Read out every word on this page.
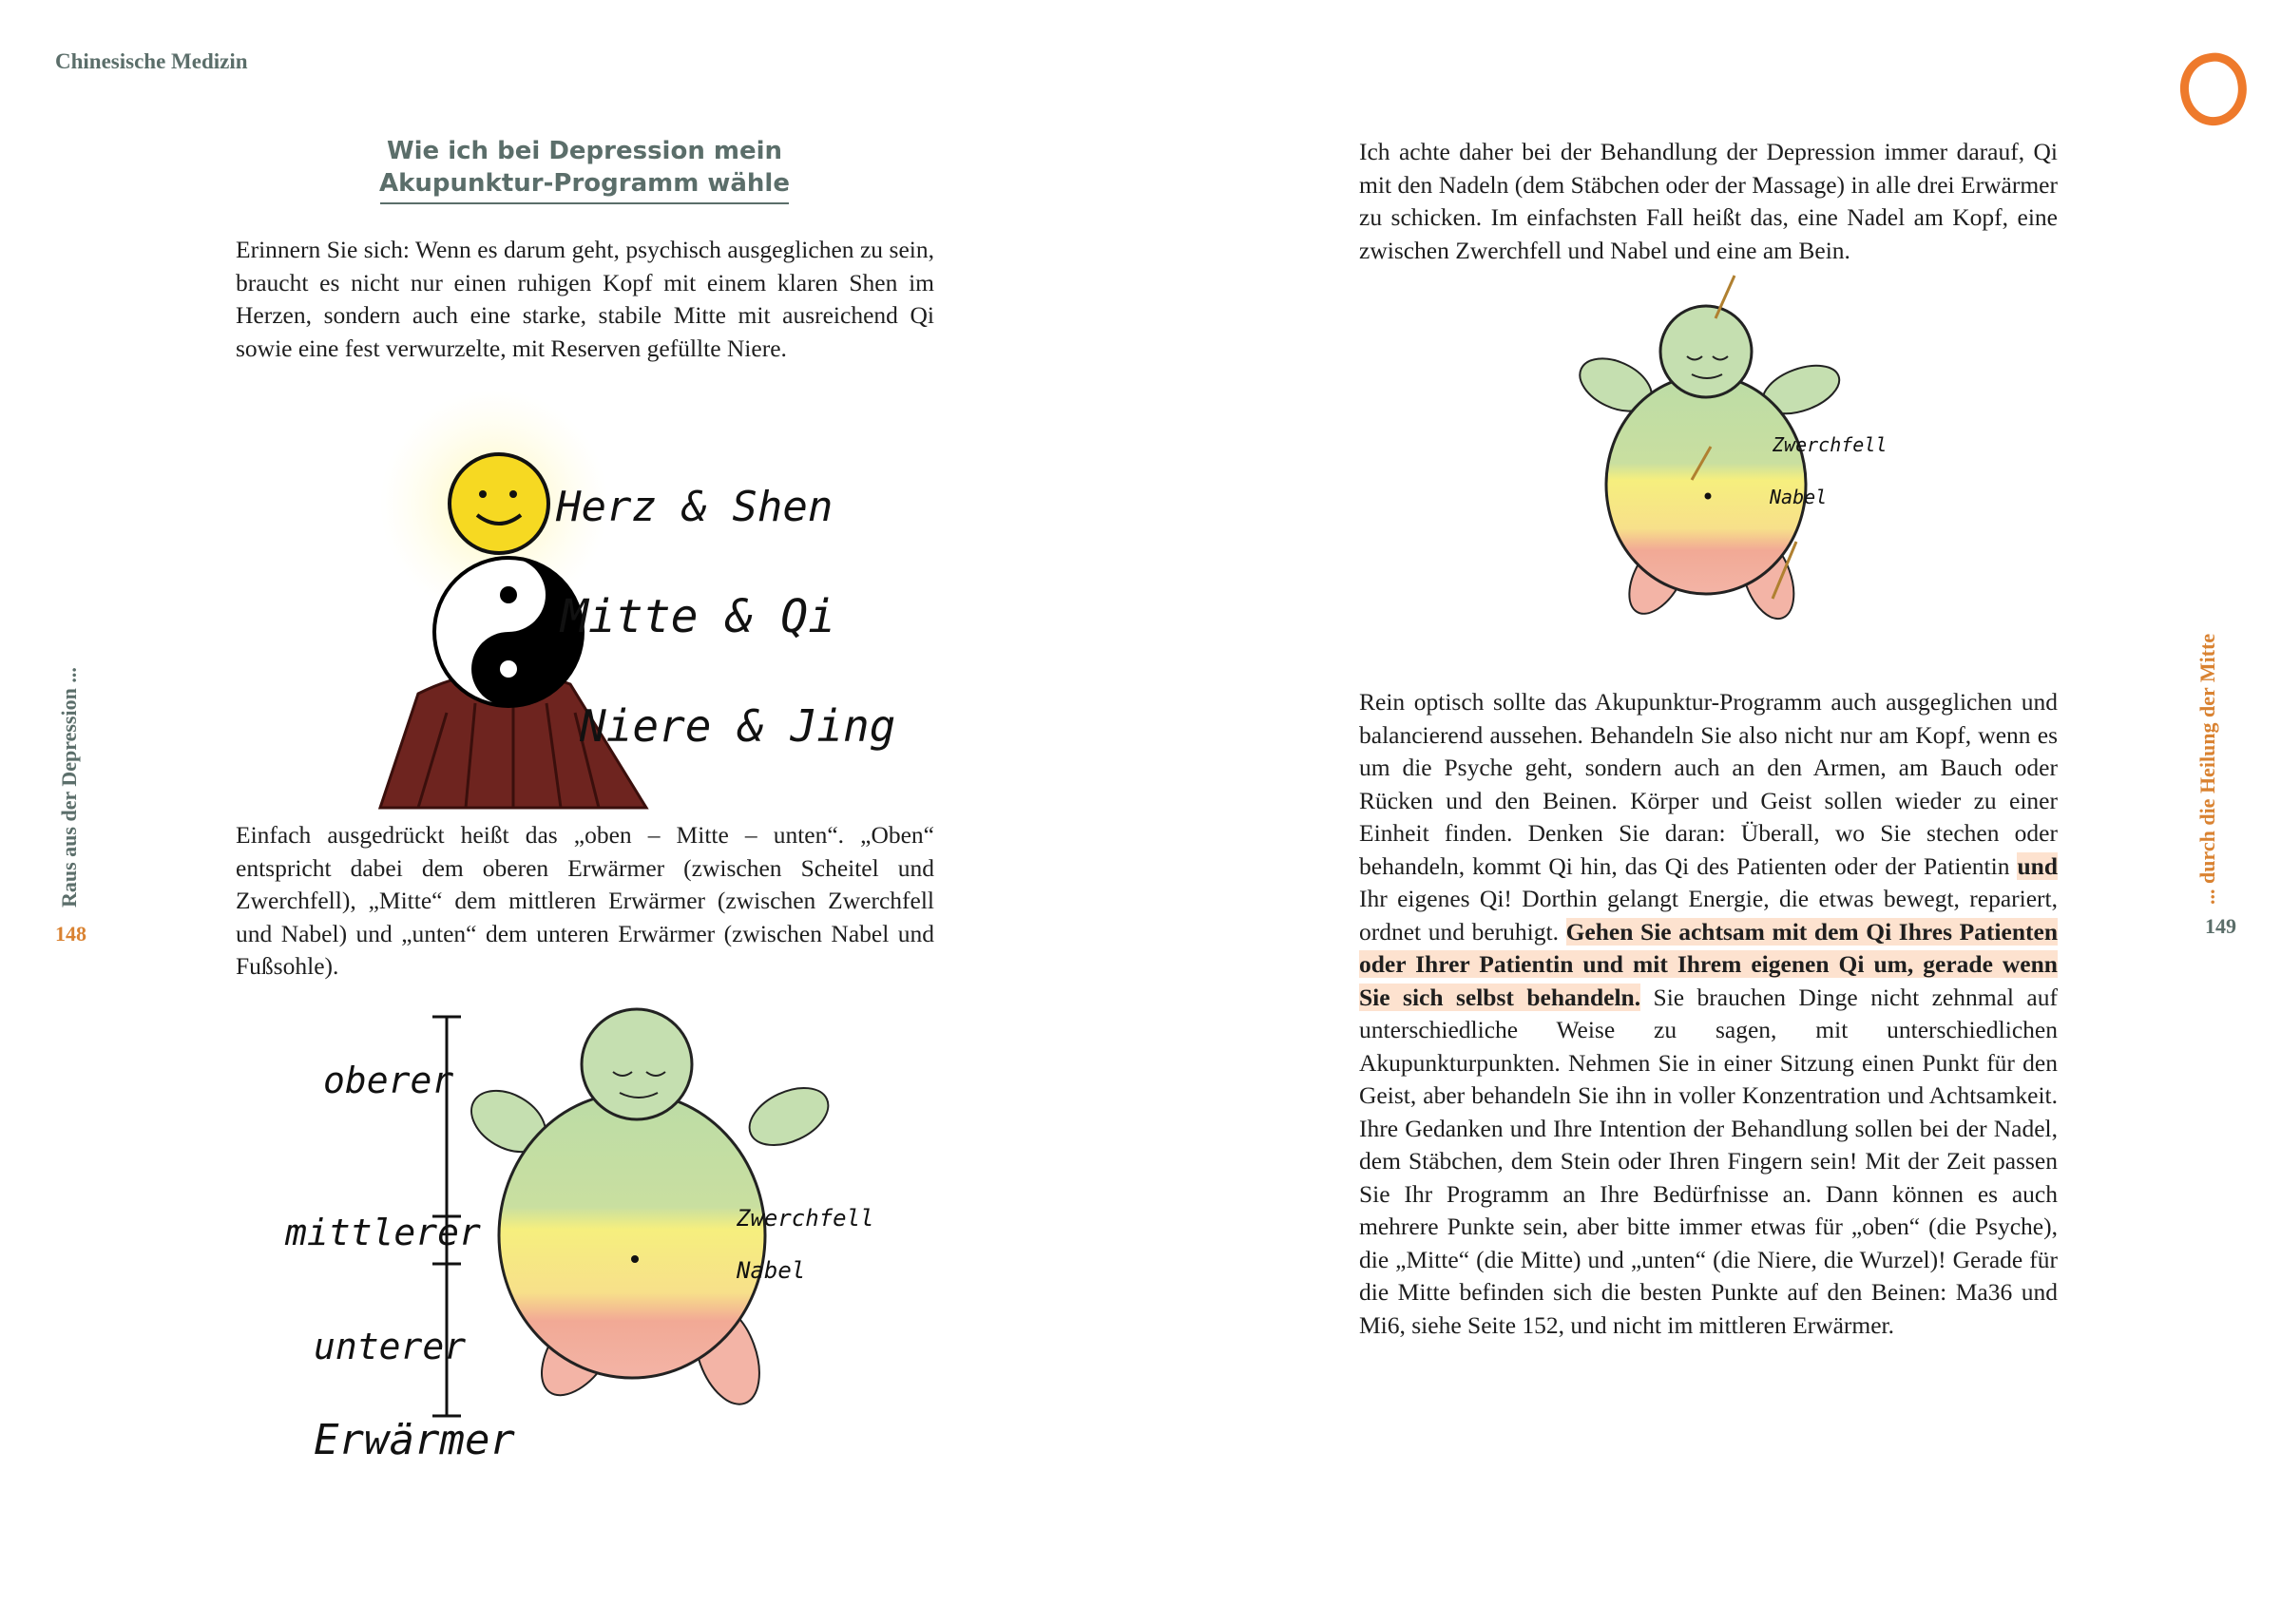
Chinesische Medizin
Raus aus der Depression ...
148
... durch die Heilung der Mitte
149
Wie ich bei Depression mein
Akupunktur-Programm wähle
Erinnern Sie sich: Wenn es darum geht, psychisch ausgeglichen zu sein, braucht es nicht nur einen ruhigen Kopf mit einem klaren Shen im Herzen, sondern auch eine starke, stabile Mitte mit ausreichend Qi sowie eine fest verwurzelte, mit Reserven gefüllte Niere.
Herz & Shen
Mitte & Qi
Niere & Jing
Einfach ausgedrückt heißt das „oben – Mitte – unten“. „Oben“ entspricht dabei dem oberen Erwärmer (zwischen Scheitel und Zwerchfell), „Mitte“ dem mittleren Erwärmer (zwischen Zwerchfell und Nabel) und „unten“ dem unteren Erwärmer (zwischen Nabel und Fußsohle).
oberer
mittlerer
unterer
Erwärmer
Zwerchfell
Nabel
Ich achte daher bei der Behandlung der Depression immer darauf, Qi mit den Nadeln (dem Stäbchen oder der Massage) in alle drei Erwärmer zu schicken. Im einfachsten Fall heißt das, eine Nadel am Kopf, eine zwischen Zwerchfell und Nabel und eine am Bein.
Zwerchfell
Nabel
Rein optisch sollte das Akupunktur-Programm auch ausgeglichen und balancierend aussehen. Behandeln Sie also nicht nur am Kopf, wenn es um die Psyche geht, sondern auch an den Armen, am Bauch oder Rücken und den Beinen. Körper und Geist sollen wieder zu einer Einheit finden. Denken Sie daran: Überall, wo Sie stechen oder behandeln, kommt Qi hin, das Qi des Patienten oder der Patientin und Ihr eigenes Qi! Dorthin gelangt Energie, die etwas bewegt, repariert, ordnet und beruhigt. Gehen Sie achtsam mit dem Qi Ihres Patienten oder Ihrer Patientin und mit Ihrem eigenen Qi um, gerade wenn Sie sich selbst behandeln. Sie brauchen Dinge nicht zehnmal auf unterschiedliche Weise zu sagen, mit unterschiedlichen Akupunkturpunkten. Nehmen Sie in einer Sitzung einen Punkt für den Geist, aber behandeln Sie ihn in voller Konzentration und Achtsamkeit. Ihre Gedanken und Ihre Intention der Behandlung sollen bei der Nadel, dem Stäbchen, dem Stein oder Ihren Fingern sein! Mit der Zeit passen Sie Ihr Programm an Ihre Bedürfnisse an. Dann können es auch mehrere Punkte sein, aber bitte immer etwas für „oben“ (die Psyche), die „Mitte“ (die Mitte) und „unten“ (die Niere, die Wurzel)! Gerade für die Mitte befinden sich die besten Punkte auf den Beinen: Ma36 und Mi6, siehe Seite 152, und nicht im mittleren Erwärmer.
